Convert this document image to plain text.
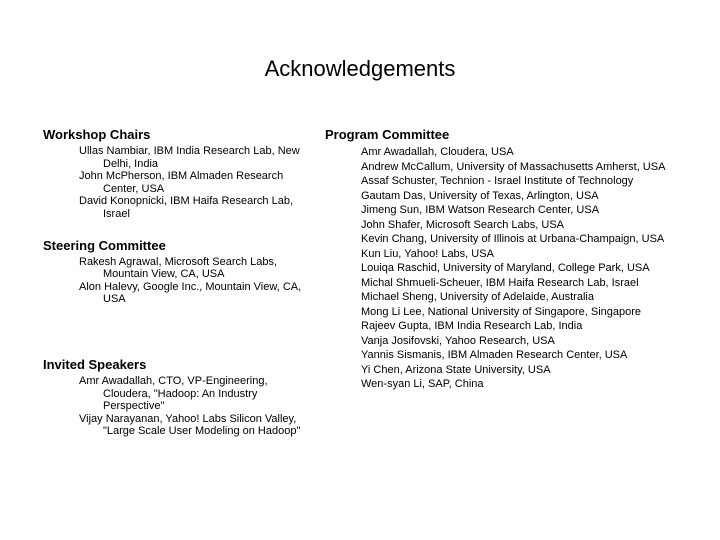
Acknowledgements
Workshop Chairs
Ullas Nambiar, IBM India Research Lab, New Delhi, India
John McPherson, IBM Almaden Research Center, USA
David Konopnicki, IBM Haifa Research Lab, Israel
Steering Committee
Rakesh Agrawal, Microsoft Search Labs, Mountain View, CA, USA
Alon Halevy, Google Inc., Mountain View, CA, USA
Invited Speakers
Amr Awadallah, CTO, VP-Engineering, Cloudera, "Hadoop: An Industry Perspective"
Vijay Narayanan, Yahoo! Labs Silicon Valley, "Large Scale User Modeling on Hadoop"
Program Committee
Amr Awadallah, Cloudera, USA
Andrew McCallum, University of Massachusetts Amherst, USA
Assaf Schuster, Technion - Israel Institute of Technology
Gautam Das, University of Texas, Arlington, USA
Jimeng Sun, IBM Watson Research Center, USA
John Shafer, Microsoft Search Labs, USA
Kevin Chang, University of Illinois at Urbana-Champaign, USA
Kun Liu, Yahoo! Labs, USA
Louiqa Raschid, University of Maryland, College Park, USA
Michal Shmueli-Scheuer, IBM Haifa Research Lab, Israel
Michael Sheng, University of Adelaide, Australia
Mong Li Lee, National University of Singapore, Singapore
Rajeev Gupta, IBM India Research Lab, India
Vanja Josifovski, Yahoo Research, USA
Yannis Sismanis, IBM Almaden Research Center, USA
Yi Chen, Arizona State University, USA
Wen-syan Li, SAP, China
